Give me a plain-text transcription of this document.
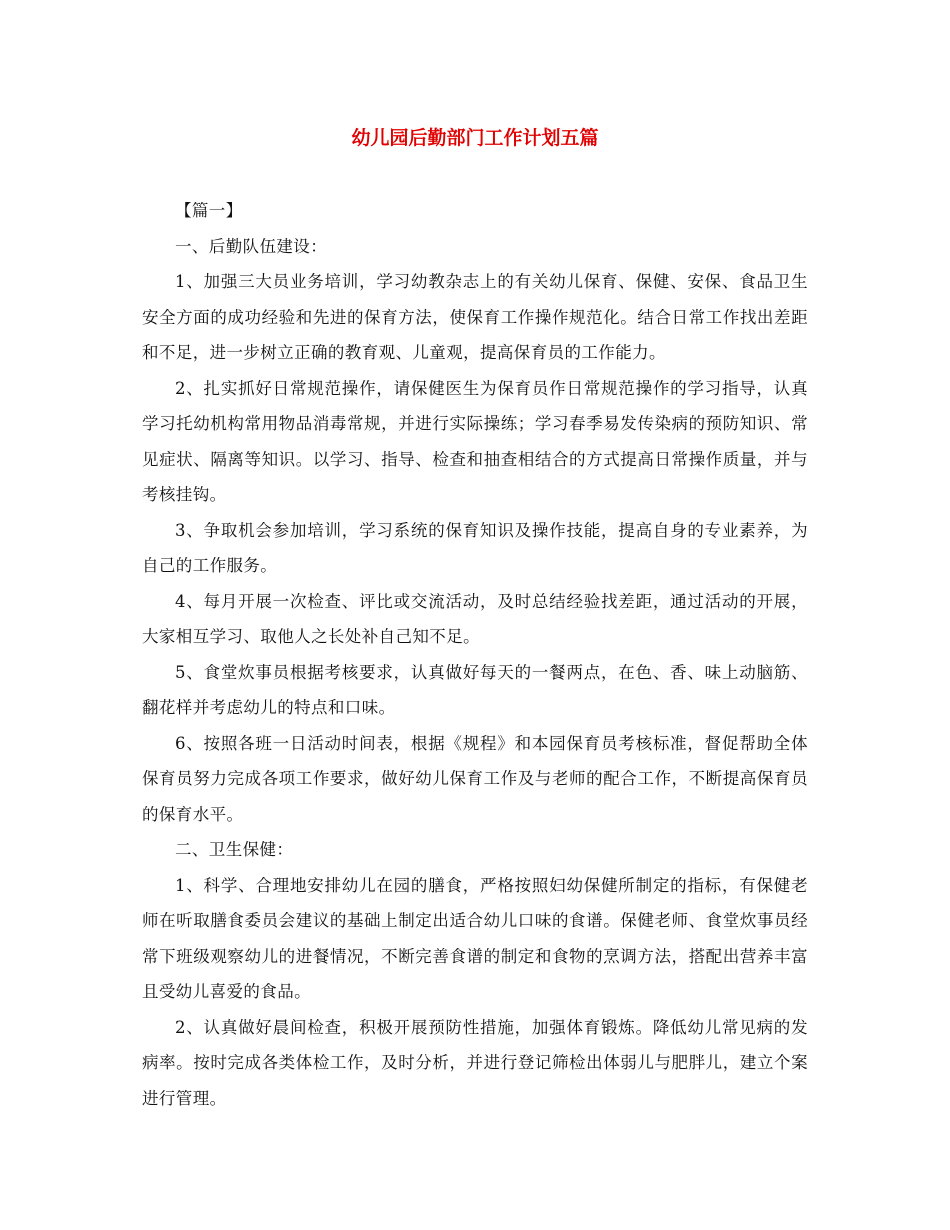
幼儿园后勤部门工作计划五篇

【篇一】

一、后勤队伍建设：

1、加强三大员业务培训，学习幼教杂志上的有关幼儿保育、保健、安保、食品卫生安全方面的成功经验和先进的保育方法，使保育工作操作规范化。结合日常工作找出差距和不足，进一步树立正确的教育观、儿童观，提高保育员的工作能力。

2、扎实抓好日常规范操作，请保健医生为保育员作日常规范操作的学习指导，认真学习托幼机构常用物品消毒常规，并进行实际操练；学习春季易发传染病的预防知识、常见症状、隔离等知识。以学习、指导、检查和抽查相结合的方式提高日常操作质量，并与考核挂钩。

3、争取机会参加培训，学习系统的保育知识及操作技能，提高自身的专业素养，为自己的工作服务。

4、每月开展一次检查、评比或交流活动，及时总结经验找差距，通过活动的开展，大家相互学习、取他人之长处补自己知不足。

5、食堂炊事员根据考核要求，认真做好每天的一餐两点，在色、香、味上动脑筋、翻花样并考虑幼儿的特点和口味。

6、按照各班一日活动时间表，根据《规程》和本园保育员考核标准，督促帮助全体保育员努力完成各项工作要求，做好幼儿保育工作及与老师的配合工作，不断提高保育员的保育水平。

二、卫生保健：

1、科学、合理地安排幼儿在园的膳食，严格按照妇幼保健所制定的指标，有保健老师在听取膳食委员会建议的基础上制定出适合幼儿口味的食谱。保健老师、食堂炊事员经常下班级观察幼儿的进餐情况，不断完善食谱的制定和食物的烹调方法，搭配出营养丰富且受幼儿喜爱的食品。

2、认真做好晨间检查，积极开展预防性措施，加强体育锻炼。降低幼儿常见病的发病率。按时完成各类体检工作，及时分析，并进行登记筛检出体弱儿与肥胖儿，建立个案进行管理。
